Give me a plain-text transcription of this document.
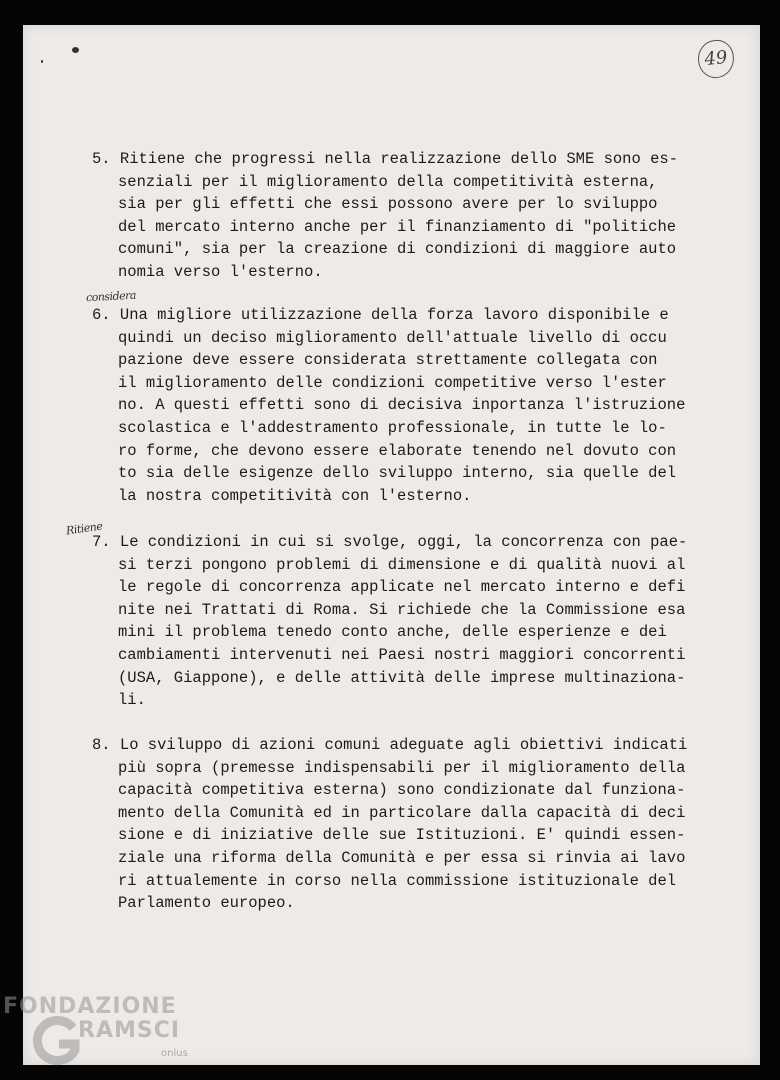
49
5. Ritiene che progressi nella realizzazione dello SME sono es-
senziali per il miglioramento della competitività esterna,
sia per gli effetti che essi possono avere per lo sviluppo
del mercato interno anche per il finanziamento di "politiche
comuni", sia per la creazione di condizioni di maggiore auto
nomia verso l'esterno.
considera
6. Una migliore utilizzazione della forza lavoro disponibile e
quindi un deciso miglioramento dell'attuale livello di occu
pazione deve essere considerata strettamente collegata con
il miglioramento delle condizioni competitive verso l'ester
no. A questi effetti sono di decisiva inportanza l'istruzione
scolastica e l'addestramento professionale, in tutte le lo-
ro forme, che devono essere elaborate tenendo nel dovuto con
to sia delle esigenze dello sviluppo interno, sia quelle del
la nostra competitività con l'esterno.
Ritiene
7. Le condizioni in cui si svolge, oggi, la concorrenza con pae-
si terzi pongono problemi di dimensione e di qualità nuovi al
le regole di concorrenza applicate nel mercato interno e defi
nite nei Trattati di Roma. Si richiede che la Commissione esa
mini il problema tenedo conto anche, delle esperienze e dei
cambiamenti intervenuti nei Paesi nostri maggiori concorrenti
(USA, Giappone), e delle attività delle imprese multinaziona-
li.
8. Lo sviluppo di azioni comuni adeguate agli obiettivi indicati
più sopra (premesse indispensabili per il miglioramento della
capacità competitiva esterna) sono condizionate dal funziona-
mento della Comunità ed in particolare dalla capacità di deci
sione e di iniziative delle sue Istituzioni. E' quindi essen-
ziale una riforma della Comunità e per essa si rinvia ai lavo
ri attualemente in corso nella commissione istituzionale del
Parlamento europeo.
FONDAZIONE
RAMSCI
onlus
